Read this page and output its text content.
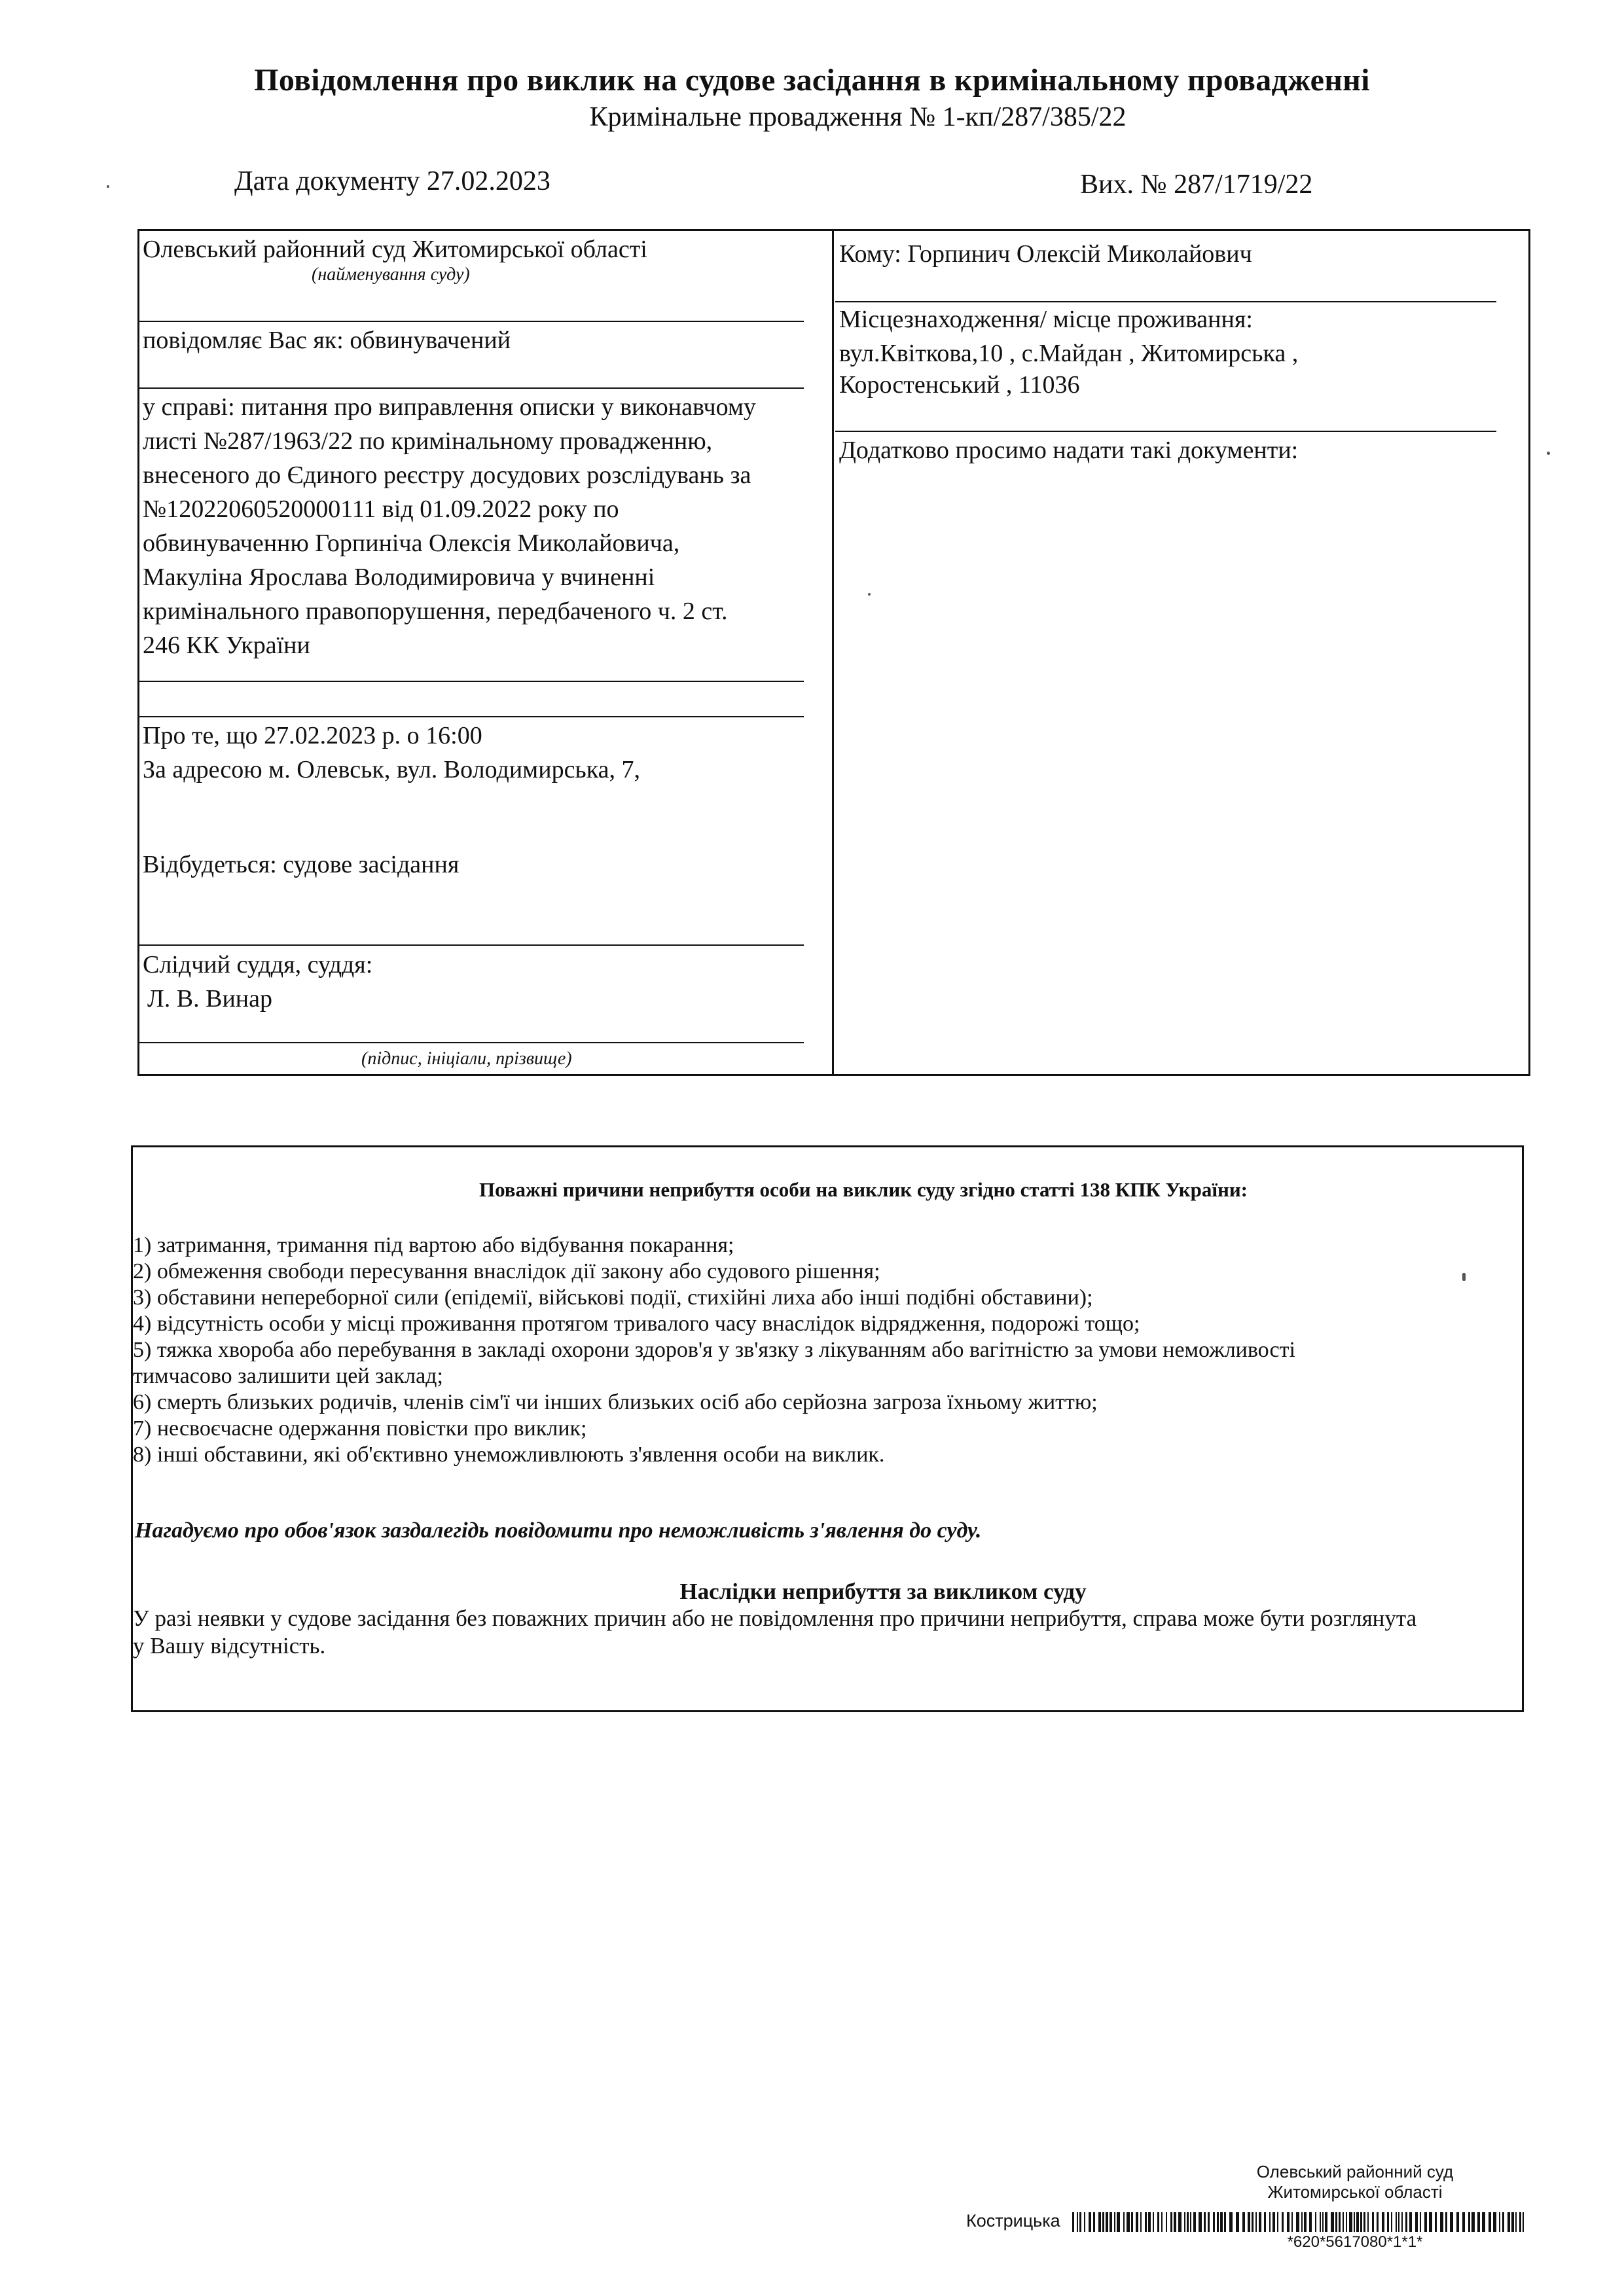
Повідомлення про виклик на судове засідання в кримінальному провадженні
Кримінальне провадження № 1-кп/287/385/22
Дата документу 27.02.2023	Вих. № 287/1719/22
Олевський районний суд Житомирської області
(найменування суду)
повідомляє Вас як: обвинувачений
у справі: питання про виправлення описки у виконавчому
листі №287/1963/22 по кримінальному провадженню,
внесеного до Єдиного реєстру досудових розслідувань за
№12022060520000111 від 01.09.2022 року по
обвинуваченню Горпиніча Олексія Миколайовича,
Макуліна Ярослава Володимировича у вчиненні
кримінального правопорушення, передбаченого ч. 2 ст.
246 КК України
Про те, що 27.02.2023 р. о 16:00
За адресою м. Олевськ, вул. Володимирська, 7,
Відбудеться: судове засідання
Слідчий суддя, суддя:
Л. В. Винар
(підпис, ініціали, прізвище)
Кому: Горпинич Олексій Миколайович
Місцезнаходження/ місце проживання:
вул.Квіткова,10 , с.Майдан , Житомирська ,
Коростенський , 11036
Додатково просимо надати такі документи:
Поважні причини неприбуття особи на виклик суду згідно статті 138 КПК України:
1) затримання, тримання під вартою або відбування покарання;
2) обмеження свободи пересування внаслідок дії закону або судового рішення;
3) обставини непереборної сили (епідемії, військові події, стихійні лиха або інші подібні обставини);
4) відсутність особи у місці проживання протягом тривалого часу внаслідок відрядження, подорожі тощо;
5) тяжка хвороба або перебування в закладі охорони здоров'я у зв'язку з лікуванням або вагітністю за умови неможливості
тимчасово залишити цей заклад;
6) смерть близьких родичів, членів сім'ї чи інших близьких осіб або серйозна загроза їхньому життю;
7) несвоєчасне одержання повістки про виклик;
8) інші обставини, які об'єктивно унеможливлюють з'явлення особи на виклик.
Нагадуємо про обов'язок заздалегідь повідомити про неможливість з'явлення до суду.
Наслідки неприбуття за викликом суду
У разі неявки у судове засідання без поважних причин або не повідомлення про причини неприбуття, справа може бути розглянута
у Вашу відсутність.
Олевський районний суд
Житомирської області
Кострицька
*620*5617080*1*1*
